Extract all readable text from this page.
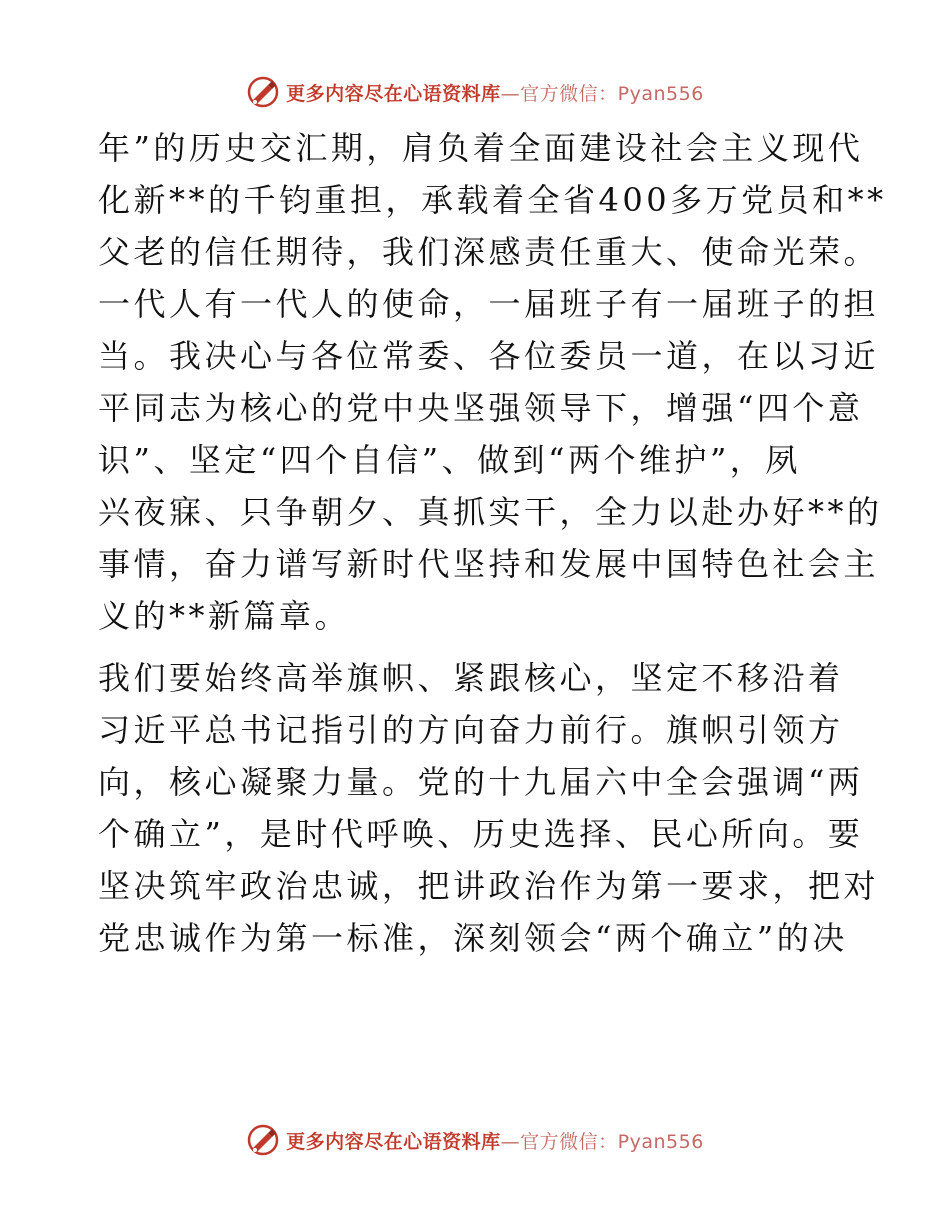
更多内容尽在心语资料库—官方微信：Pyan556

年”的历史交汇期，肩负着全面建设社会主义现代
化新**的千钧重担，承载着全省400多万党员和**
父老的信任期待，我们深感责任重大、使命光荣。
一代人有一代人的使命，一届班子有一届班子的担
当。我决心与各位常委、各位委员一道，在以习近
平同志为核心的党中央坚强领导下，增强“四个意
识”、坚定“四个自信”、做到“两个维护”，夙
兴夜寐、只争朝夕、真抓实干，全力以赴办好**的
事情，奋力谱写新时代坚持和发展中国特色社会主
义的**新篇章。

我们要始终高举旗帜、紧跟核心，坚定不移沿着
习近平总书记指引的方向奋力前行。旗帜引领方
向，核心凝聚力量。党的十九届六中全会强调“两
个确立”，是时代呼唤、历史选择、民心所向。要
坚决筑牢政治忠诚，把讲政治作为第一要求，把对
党忠诚作为第一标准，深刻领会“两个确立”的决

更多内容尽在心语资料库—官方微信：Pyan556
